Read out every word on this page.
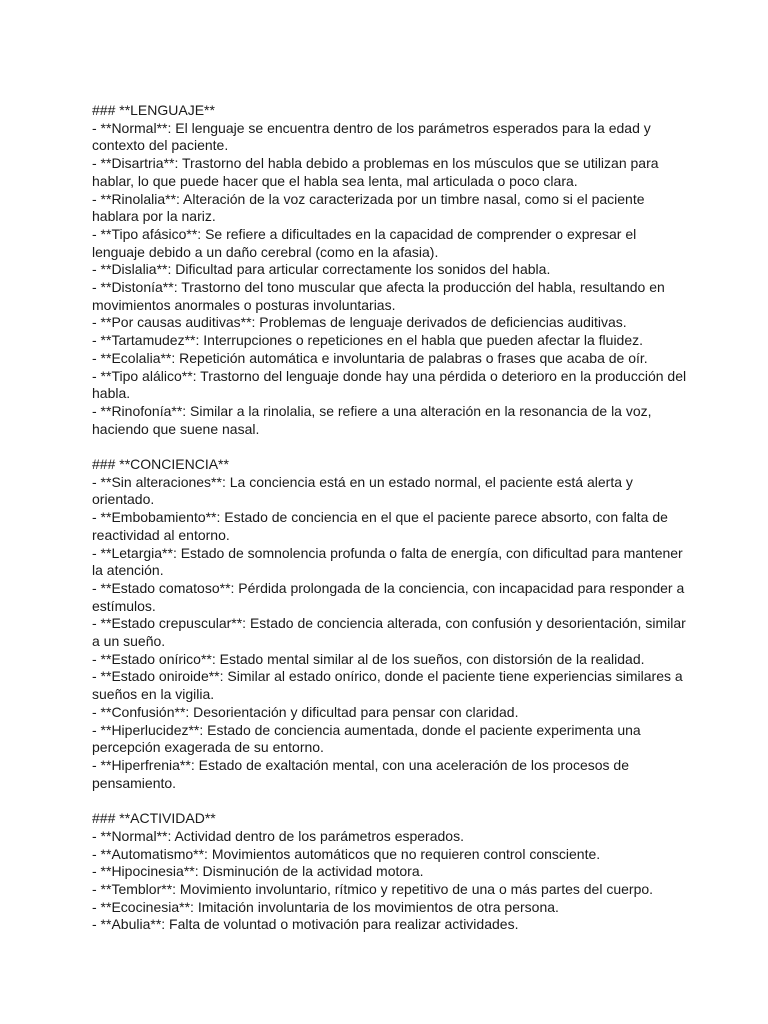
### **LENGUAJE**

- **Normal**: El lenguaje se encuentra dentro de los parámetros esperados para la edad y contexto del paciente.

- **Disartria**: Trastorno del habla debido a problemas en los músculos que se utilizan para hablar, lo que puede hacer que el habla sea lenta, mal articulada o poco clara.

- **Rinolalia**: Alteración de la voz caracterizada por un timbre nasal, como si el paciente hablara por la nariz.

- **Tipo afásico**: Se refiere a dificultades en la capacidad de comprender o expresar el lenguaje debido a un daño cerebral (como en la afasia).

- **Dislalia**: Dificultad para articular correctamente los sonidos del habla.

- **Distonía**: Trastorno del tono muscular que afecta la producción del habla, resultando en movimientos anormales o posturas involuntarias.

- **Por causas auditivas**: Problemas de lenguaje derivados de deficiencias auditivas.

- **Tartamudez**: Interrupciones o repeticiones en el habla que pueden afectar la fluidez.

- **Ecolalia**: Repetición automática e involuntaria de palabras o frases que acaba de oír.

- **Tipo alálico**: Trastorno del lenguaje donde hay una pérdida o deterioro en la producción del habla.

- **Rinofonía**: Similar a la rinolalia, se refiere a una alteración en la resonancia de la voz, haciendo que suene nasal.

### **CONCIENCIA**

- **Sin alteraciones**: La conciencia está en un estado normal, el paciente está alerta y orientado.

- **Embobamiento**: Estado de conciencia en el que el paciente parece absorto, con falta de reactividad al entorno.

- **Letargia**: Estado de somnolencia profunda o falta de energía, con dificultad para mantener la atención.

- **Estado comatoso**: Pérdida prolongada de la conciencia, con incapacidad para responder a estímulos.

- **Estado crepuscular**: Estado de conciencia alterada, con confusión y desorientación, similar a un sueño.

- **Estado onírico**: Estado mental similar al de los sueños, con distorsión de la realidad.

- **Estado oniroide**: Similar al estado onírico, donde el paciente tiene experiencias similares a sueños en la vigilia.

- **Confusión**: Desorientación y dificultad para pensar con claridad.

- **Hiperlucidez**: Estado de conciencia aumentada, donde el paciente experimenta una percepción exagerada de su entorno.

- **Hiperfrenia**: Estado de exaltación mental, con una aceleración de los procesos de pensamiento.

### **ACTIVIDAD**

- **Normal**: Actividad dentro de los parámetros esperados.

- **Automatismo**: Movimientos automáticos que no requieren control consciente.

- **Hipocinesia**: Disminución de la actividad motora.

- **Temblor**: Movimiento involuntario, rítmico y repetitivo de una o más partes del cuerpo.

- **Ecocinesia**: Imitación involuntaria de los movimientos de otra persona.

- **Abulia**: Falta de voluntad o motivación para realizar actividades.
